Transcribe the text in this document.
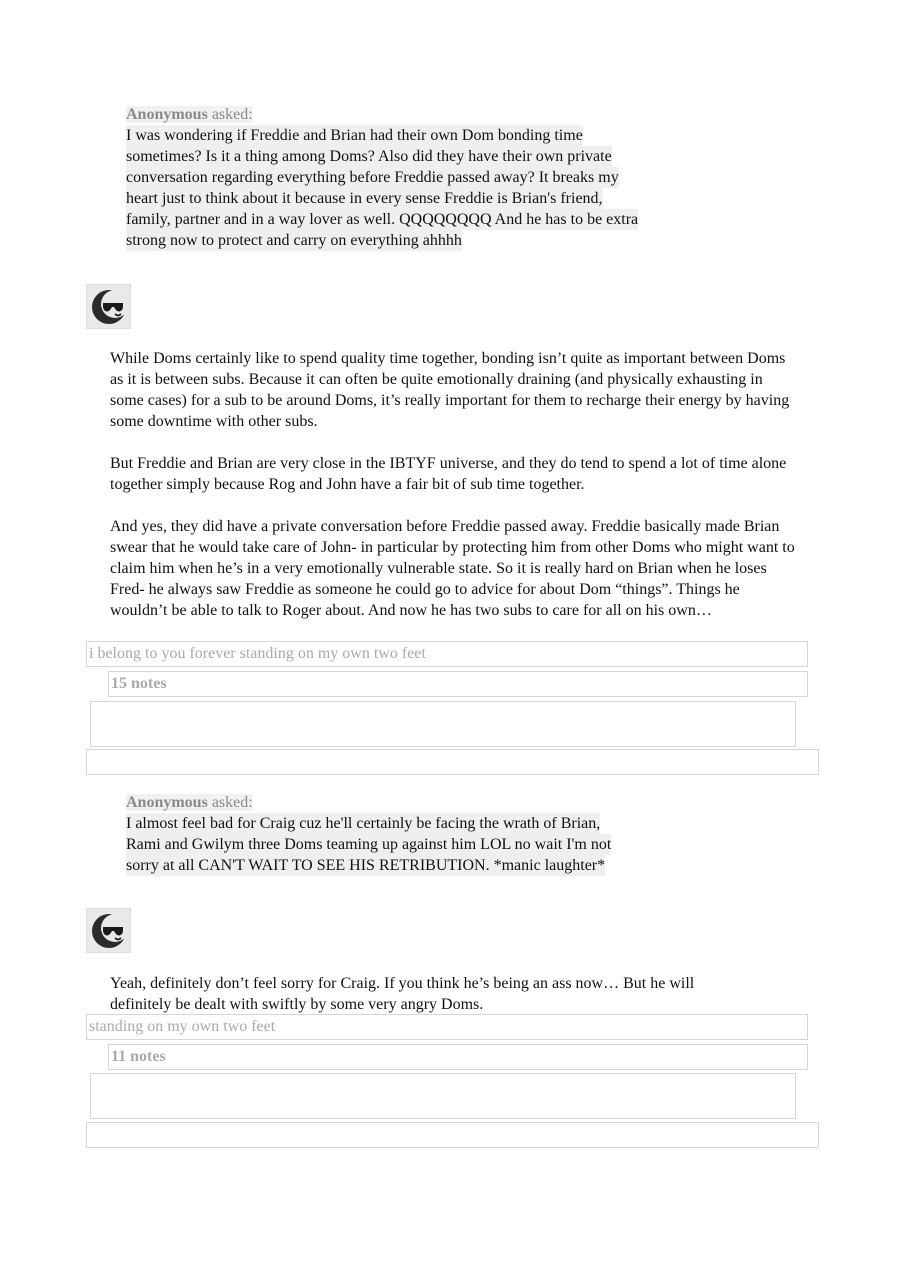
Anonymous asked:
I was wondering if Freddie and Brian had their own Dom bonding time
sometimes? Is it a thing among Doms? Also did they have their own private
conversation regarding everything before Freddie passed away? It breaks my
heart just to think about it because in every sense Freddie is Brian's friend,
family, partner and in a way lover as well. QQQQQQQQ And he has to be extra
strong now to protect and carry on everything ahhhh

While Doms certainly like to spend quality time together, bonding isn’t quite as important between Doms as it is between subs. Because it can often be quite emotionally draining (and physically exhausting in some cases) for a sub to be around Doms, it’s really important for them to recharge their energy by having some downtime with other subs.

But Freddie and Brian are very close in the IBTYF universe, and they do tend to spend a lot of time alone together simply because Rog and John have a fair bit of sub time together.

And yes, they did have a private conversation before Freddie passed away. Freddie basically made Brian swear that he would take care of John- in particular by protecting him from other Doms who might want to claim him when he’s in a very emotionally vulnerable state. So it is really hard on Brian when he loses Fred- he always saw Freddie as someone he could go to advice for about Dom “things”. Things he wouldn’t be able to talk to Roger about. And now he has two subs to care for all on his own…

i belong to you forever standing on my own two feet
15 notes
Anonymous asked:
I almost feel bad for Craig cuz he'll certainly be facing the wrath of Brian,
Rami and Gwilym three Doms teaming up against him LOL no wait I'm not
sorry at all CAN'T WAIT TO SEE HIS RETRIBUTION. *manic laughter*

Yeah, definitely don’t feel sorry for Craig. If you think he’s being an ass now… But he will definitely be dealt with swiftly by some very angry Doms.

standing on my own two feet
11 notes
